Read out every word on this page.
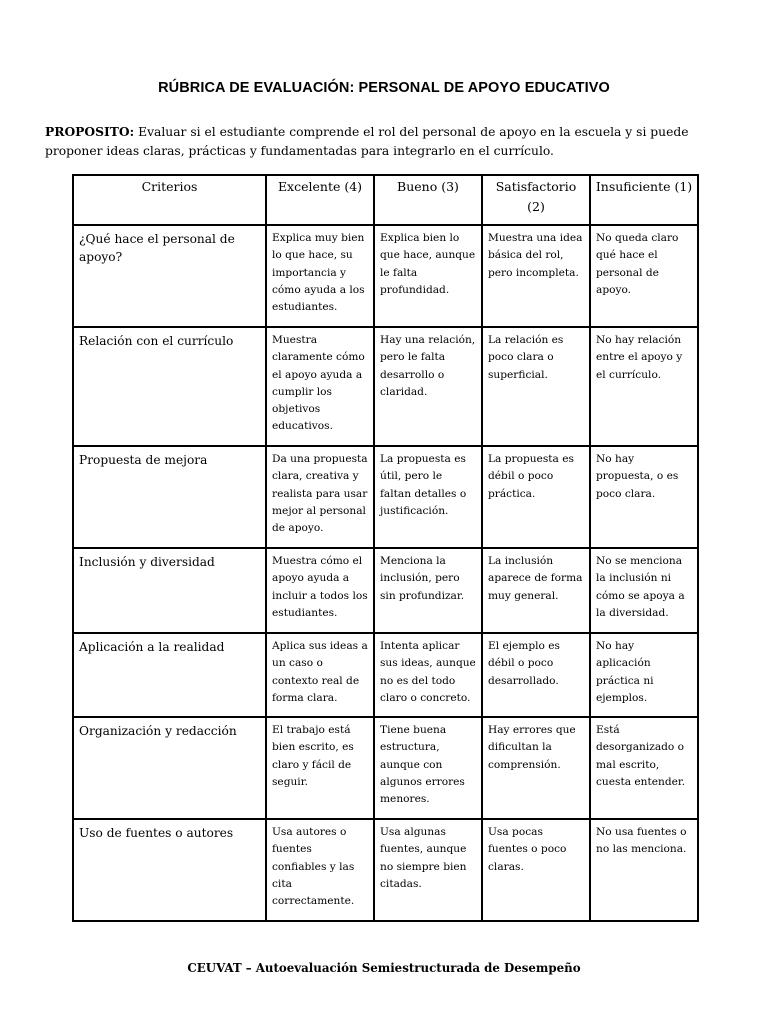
RÚBRICA DE EVALUACIÓN: PERSONAL DE APOYO EDUCATIVO
PROPOSITO: Evaluar si el estudiante comprende el rol del personal de apoyo en la escuela y si puede proponer ideas claras, prácticas y fundamentadas para integrarlo en el currículo.
Criterios	Excelente (4)	Bueno (3)	Satisfactorio (2)	Insuficiente (1)
¿Qué hace el personal de apoyo?	Explica muy bien lo que hace, su importancia y cómo ayuda a los estudiantes.	Explica bien lo que hace, aunque le falta profundidad.	Muestra una idea básica del rol, pero incompleta.	No queda claro qué hace el personal de apoyo.
Relación con el currículo	Muestra claramente cómo el apoyo ayuda a cumplir los objetivos educativos.	Hay una relación, pero le falta desarrollo o claridad.	La relación es poco clara o superficial.	No hay relación entre el apoyo y el currículo.
Propuesta de mejora	Da una propuesta clara, creativa y realista para usar mejor al personal de apoyo.	La propuesta es útil, pero le faltan detalles o justificación.	La propuesta es débil o poco práctica.	No hay propuesta, o es poco clara.
Inclusión y diversidad	Muestra cómo el apoyo ayuda a incluir a todos los estudiantes.	Menciona la inclusión, pero sin profundizar.	La inclusión aparece de forma muy general.	No se menciona la inclusión ni cómo se apoya a la diversidad.
Aplicación a la realidad	Aplica sus ideas a un caso o contexto real de forma clara.	Intenta aplicar sus ideas, aunque no es del todo claro o concreto.	El ejemplo es débil o poco desarrollado.	No hay aplicación práctica ni ejemplos.
Organización y redacción	El trabajo está bien escrito, es claro y fácil de seguir.	Tiene buena estructura, aunque con algunos errores menores.	Hay errores que dificultan la comprensión.	Está desorganizado o mal escrito, cuesta entender.
Uso de fuentes o autores	Usa autores o fuentes confiables y las cita correctamente.	Usa algunas fuentes, aunque no siempre bien citadas.	Usa pocas fuentes o poco claras.	No usa fuentes o no las menciona.
CEUVAT – Autoevaluación Semiestructurada de Desempeño
